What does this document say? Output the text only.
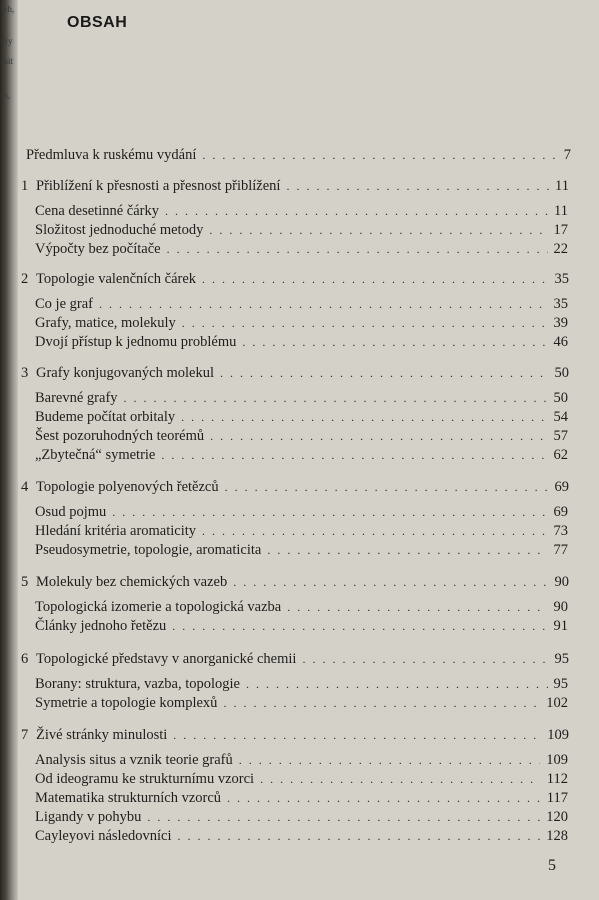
ieh,
ary
mit
m,
OBSAH
Předmluva k ruskému vydání . . .	7
1 Přiblížení k přesnosti a přesnost přiblížení . . .	11
Cena desetinné čárky . . .	11
Složitost jednoduché metody . . .	17
Výpočty bez počítače . . .	22
2 Topologie valenčních čárek . . .	35
Co je graf . . .	35
Grafy, matice, molekuly . . .	39
Dvojí přístup k jednomu problému . . .	46
3 Grafy konjugovaných molekul . . .	50
Barevné grafy . . .	50
Budeme počítat orbitaly . . .	54
Šest pozoruhodných teorémů . . .	57
„Zbytečná“ symetrie . . .	62
4 Topologie polyenových řetězců . . .	69
Osud pojmu . . .	69
Hledání kritéria aromaticity . . .	73
Pseudosymetrie, topologie, aromaticita . . .	77
5 Molekuly bez chemických vazeb . . .	90
Topologická izomerie a topologická vazba . . .	90
Články jednoho řetězu . . .	91
6 Topologické představy v anorganické chemii . . .	95
Borany: struktura, vazba, topologie . . .	95
Symetrie a topologie komplexů . . .	102
7 Živé stránky minulosti . . .	109
Analysis situs a vznik teorie grafů . . .	109
Od ideogramu ke strukturnímu vzorci . . .	112
Matematika strukturních vzorců . . .	117
Ligandy v pohybu . . .	120
Cayleyovi následovníci . . .	128
5
